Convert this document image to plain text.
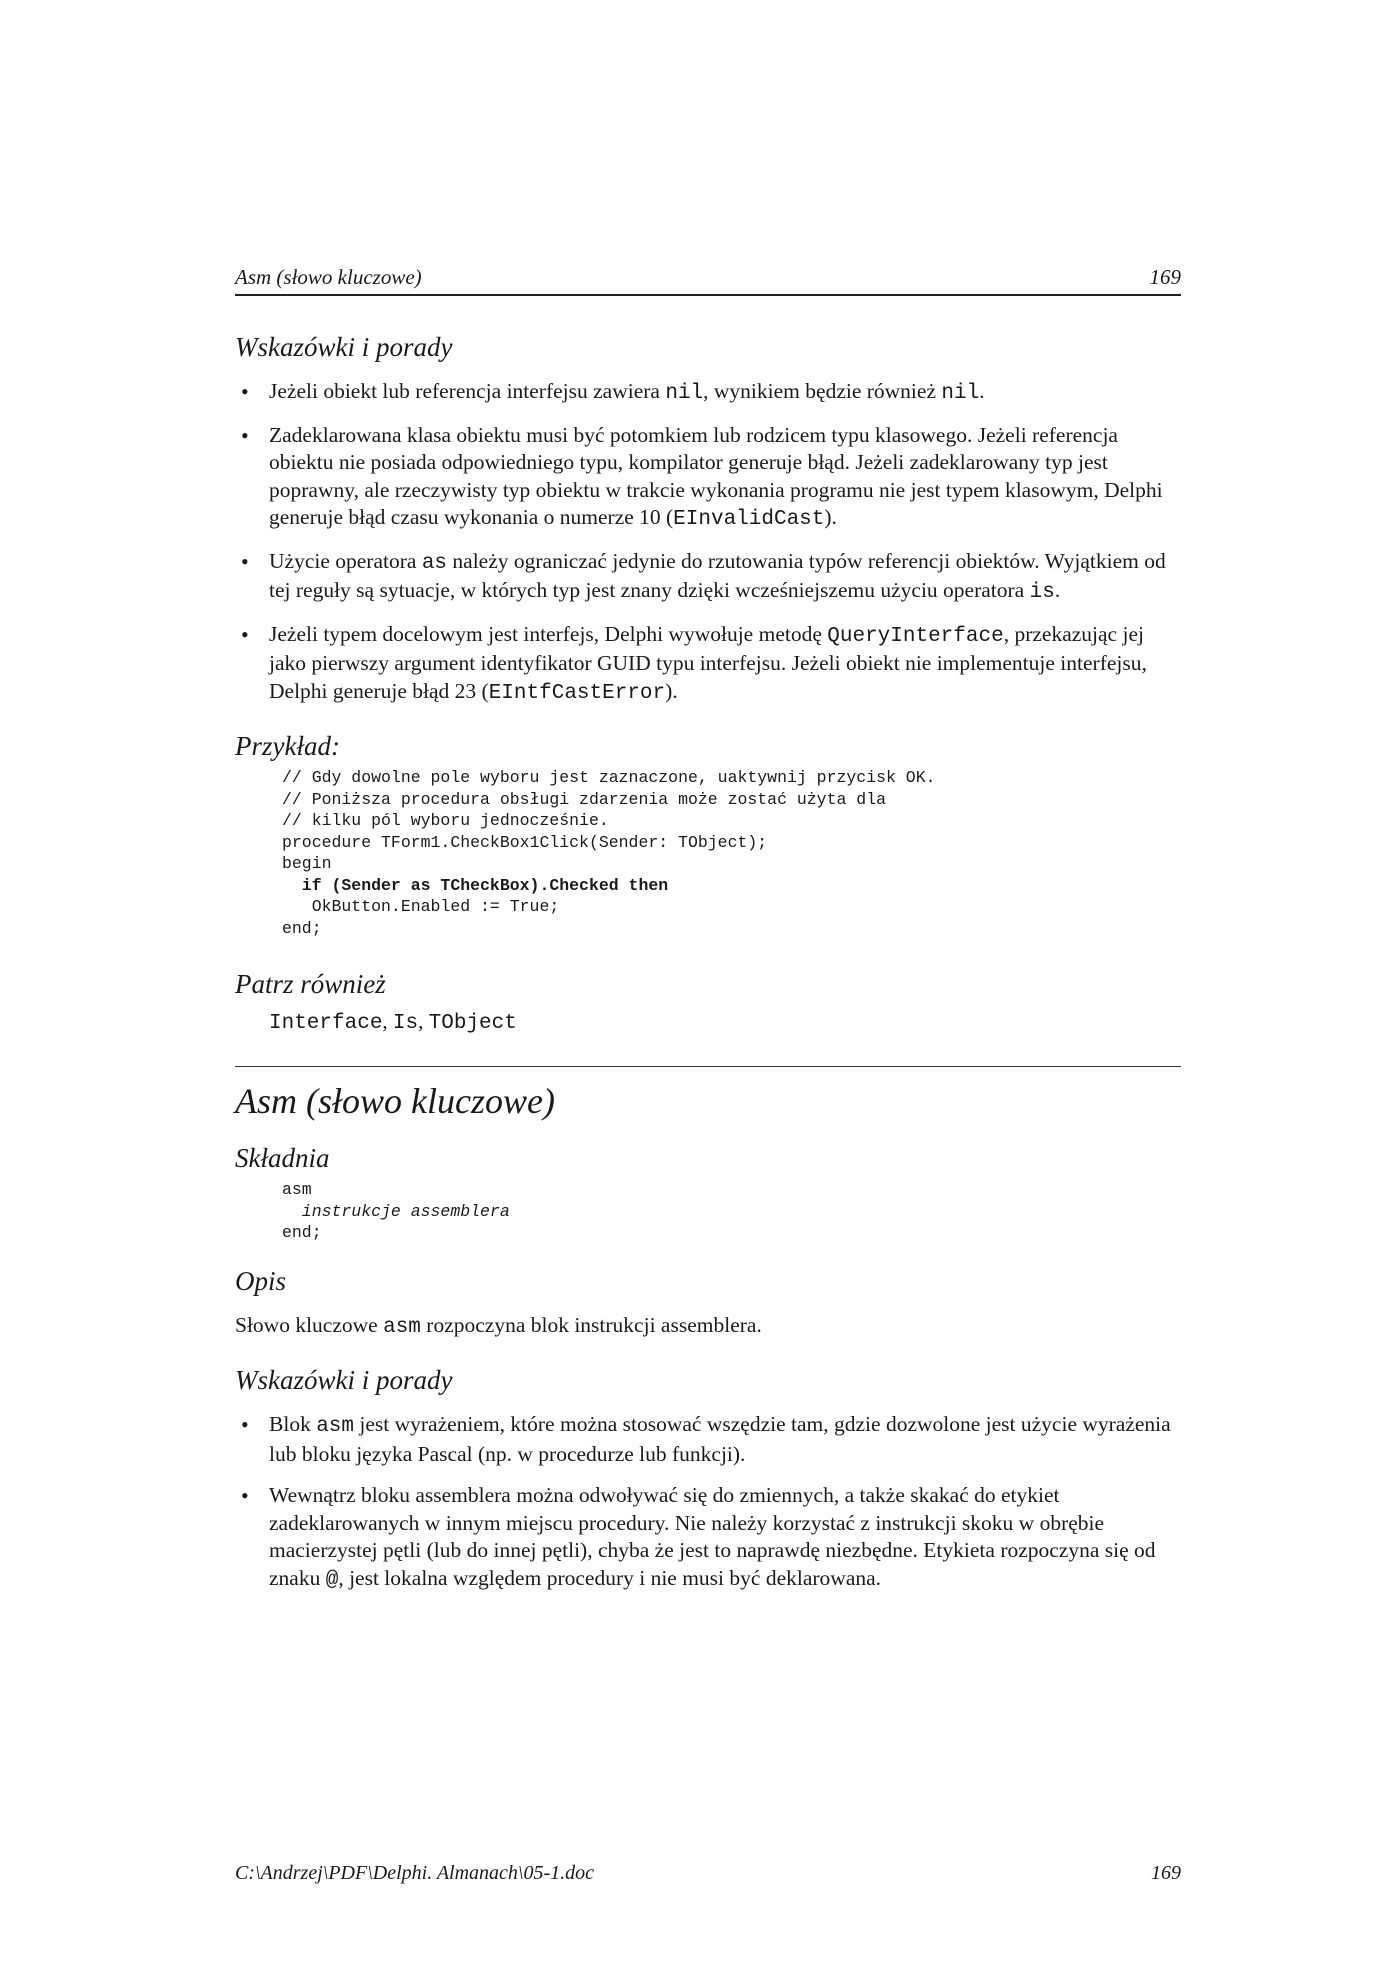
Asm (słowo kluczowe)	169
Wskazówki i porady
• Jeżeli obiekt lub referencja interfejsu zawiera nil, wynikiem będzie również nil.
• Zadeklarowana klasa obiektu musi być potomkiem lub rodzicem typu klasowego. Jeżeli referencja obiektu nie posiada odpowiedniego typu, kompilator generuje błąd. Jeżeli zadeklarowany typ jest poprawny, ale rzeczywisty typ obiektu w trakcie wykonania programu nie jest typem klasowym, Delphi generuje błąd czasu wykonania o numerze 10 (EInvalidCast).
• Użycie operatora as należy ograniczać jedynie do rzutowania typów referencji obiektów. Wyjątkiem od tej reguły są sytuacje, w których typ jest znany dzięki wcześniejszemu użyciu operatora is.
• Jeżeli typem docelowym jest interfejs, Delphi wywołuje metodę QueryInterface, przekazując jej jako pierwszy argument identyfikator GUID typu interfejsu. Jeżeli obiekt nie implementuje interfejsu, Delphi generuje błąd 23 (EIntfCastError).
Przykład:
// Gdy dowolne pole wyboru jest zaznaczone, uaktywnij przycisk OK.
// Poniższa procedura obsługi zdarzenia może zostać użyta dla
// kilku pól wyboru jednocześnie.
procedure TForm1.CheckBox1Click(Sender: TObject);
begin
if (Sender as TCheckBox).Checked then
OkButton.Enabled := True;
end;
Patrz również
Interface, Is, TObject
Asm (słowo kluczowe)
Składnia
asm
instrukcje assemblera
end;
Opis

Słowo kluczowe asm rozpoczyna blok instrukcji assemblera.

Wskazówki i porady
• Blok asm jest wyrażeniem, które można stosować wszędzie tam, gdzie dozwolone jest użycie wyrażenia lub bloku języka Pascal (np. w procedurze lub funkcji).
• Wewnątrz bloku assemblera można odwoływać się do zmiennych, a także skakać do etykiet zadeklarowanych w innym miejscu procedury. Nie należy korzystać z instrukcji skoku w obrębie macierzystej pętli (lub do innej pętli), chyba że jest to naprawdę niezbędne. Etykieta rozpoczyna się od znaku @, jest lokalna względem procedury i nie musi być deklarowana.
C:\Andrzej\PDF\Delphi. Almanach\05-1.doc	169
